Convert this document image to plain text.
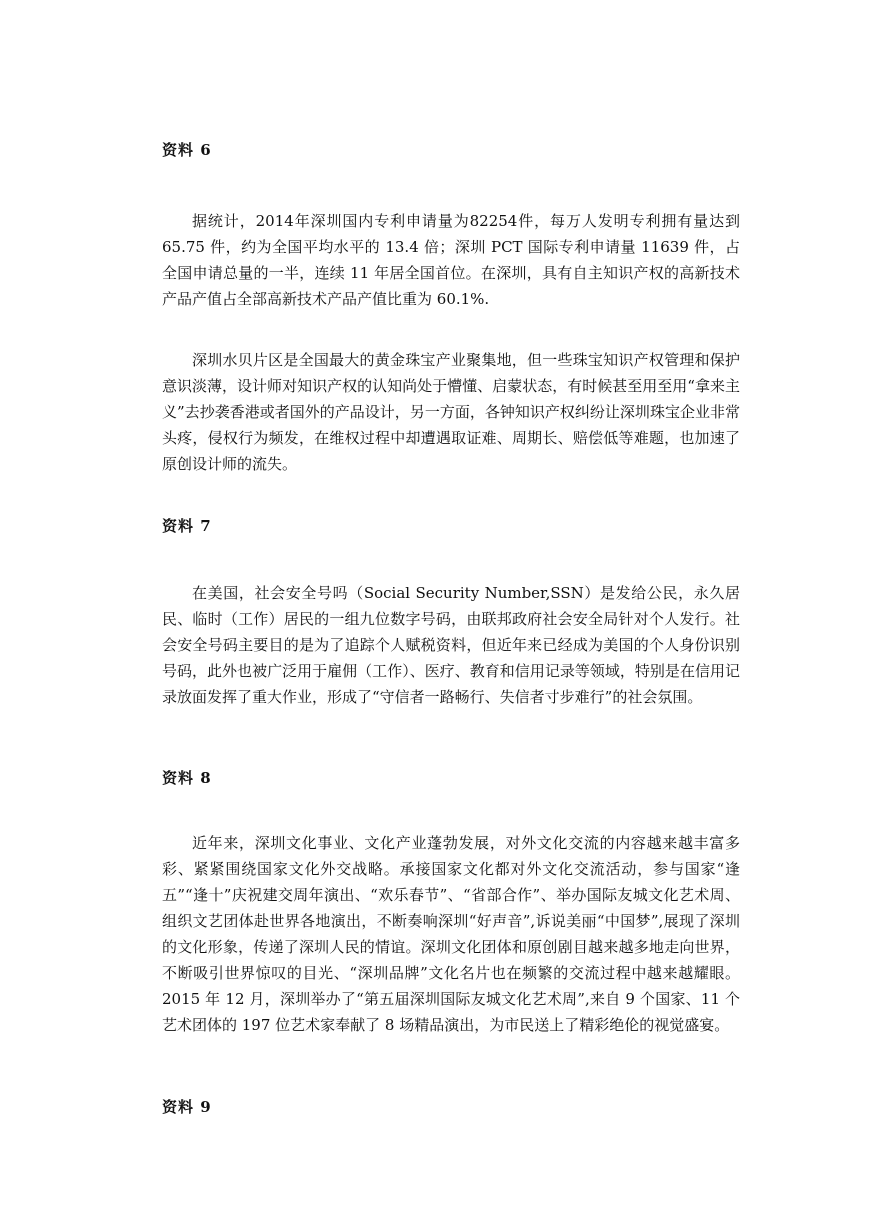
资料 6

据统计，2014年深圳国内专利申请量为82254件，每万人发明专利拥有量达到65.75 件，约为全国平均水平的 13.4 倍；深圳 PCT 国际专利申请量 11639 件，占全国申请总量的一半，连续 11 年居全国首位。在深圳，具有自主知识产权的高新技术产品产值占全部高新技术产品产值比重为 60.1%.

深圳水贝片区是全国最大的黄金珠宝产业聚集地，但一些珠宝知识产权管理和保护意识淡薄，设计师对知识产权的认知尚处于懵懂、启蒙状态，有时候甚至用至用“拿来主义”去抄袭香港或者国外的产品设计，另一方面，各钟知识产权纠纷让深圳珠宝企业非常头疼，侵权行为频发，在维权过程中却遭遇取证难、周期长、赔偿低等难题，也加速了原创设计师的流失。

资料 7

在美国，社会安全号吗（Social Security Number,SSN）是发给公民，永久居民、临时（工作）居民的一组九位数字号码，由联邦政府社会安全局针对个人发行。社会安全号码主要目的是为了追踪个人赋税资料，但近年来已经成为美国的个人身份识别号码，此外也被广泛用于雇佣（工作）、医疗、教育和信用记录等领域，特别是在信用记录放面发挥了重大作业，形成了“守信者一路畅行、失信者寸步难行”的社会氛围。

资料 8

近年来，深圳文化事业、文化产业蓬勃发展，对外文化交流的内容越来越丰富多彩、紧紧围绕国家文化外交战略。承接国家文化都对外文化交流活动，参与国家“逢五”“逢十”庆祝建交周年演出、“欢乐春节”、“省部合作”、举办国际友城文化艺术周、组织文艺团体赴世界各地演出，不断奏响深圳“好声音”,诉说美丽“中国梦”,展现了深圳的文化形象，传递了深圳人民的情谊。深圳文化团体和原创剧目越来越多地走向世界，不断吸引世界惊叹的目光、“深圳品牌”文化名片也在频繁的交流过程中越来越耀眼。2015 年 12 月，深圳举办了“第五届深圳国际友城文化艺术周”,来自 9 个国家、11 个艺术团体的 197 位艺术家奉献了 8 场精品演出，为市民送上了精彩绝伦的视觉盛宴。

资料 9
